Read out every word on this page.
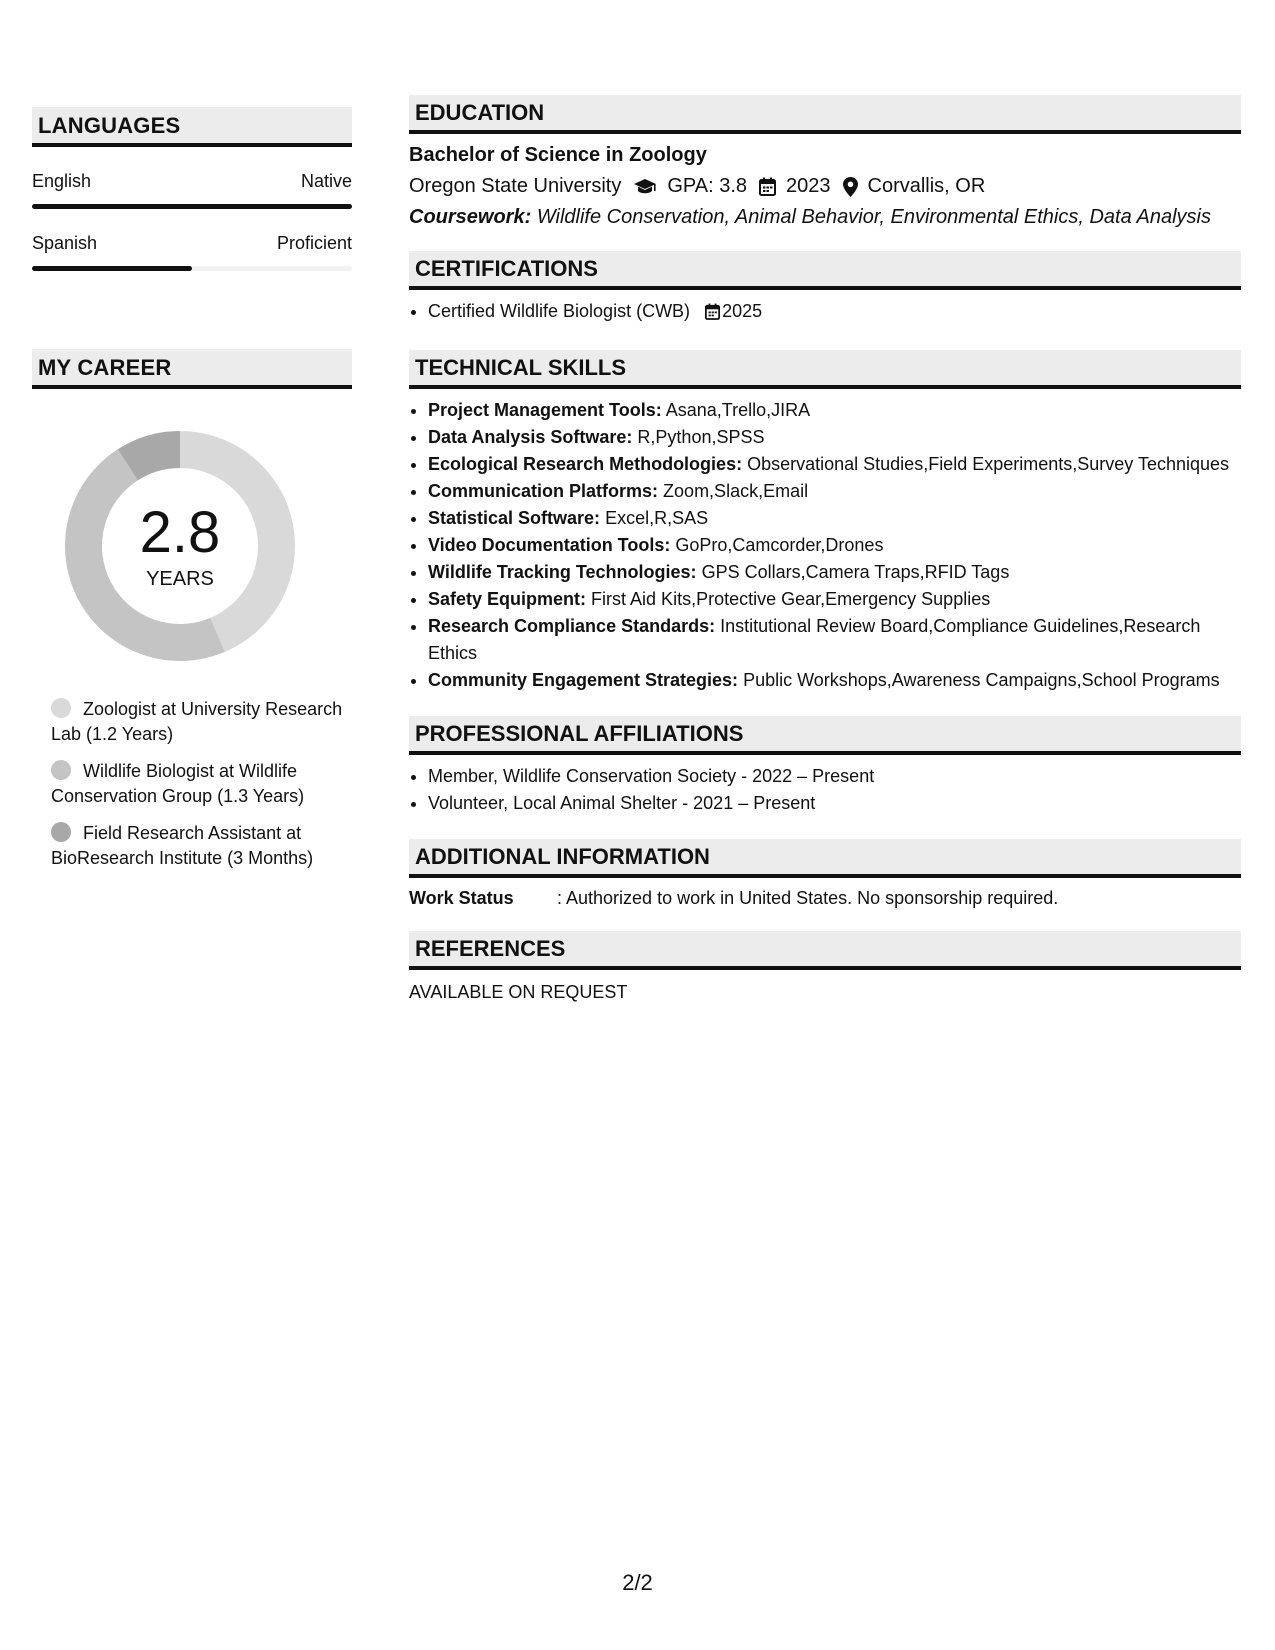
LANGUAGES
English	Native
Spanish	Proficient
MY CAREER
2.8
YEARS
Zoologist at University Research Lab (1.2 Years)
Wildlife Biologist at Wildlife Conservation Group (1.3 Years)
Field Research Assistant at BioResearch Institute (3 Months)
EDUCATION
Bachelor of Science in Zoology
Oregon State University GPA: 3.8 2023 Corvallis, OR
Coursework: Wildlife Conservation, Animal Behavior, Environmental Ethics, Data Analysis
CERTIFICATIONS
• Certified Wildlife Biologist (CWB) 2025
TECHNICAL SKILLS
• Project Management Tools: Asana,Trello,JIRA
• Data Analysis Software: R,Python,SPSS
• Ecological Research Methodologies: Observational Studies,Field Experiments,Survey Techniques
• Communication Platforms: Zoom,Slack,Email
• Statistical Software: Excel,R,SAS
• Video Documentation Tools: GoPro,Camcorder,Drones
• Wildlife Tracking Technologies: GPS Collars,Camera Traps,RFID Tags
• Safety Equipment: First Aid Kits,Protective Gear,Emergency Supplies
• Research Compliance Standards: Institutional Review Board,Compliance Guidelines,Research Ethics
• Community Engagement Strategies: Public Workshops,Awareness Campaigns,School Programs
PROFESSIONAL AFFILIATIONS
• Member, Wildlife Conservation Society - 2022 – Present
• Volunteer, Local Animal Shelter - 2021 – Present
ADDITIONAL INFORMATION
Work Status	: Authorized to work in United States. No sponsorship required.
REFERENCES
AVAILABLE ON REQUEST
2/2
